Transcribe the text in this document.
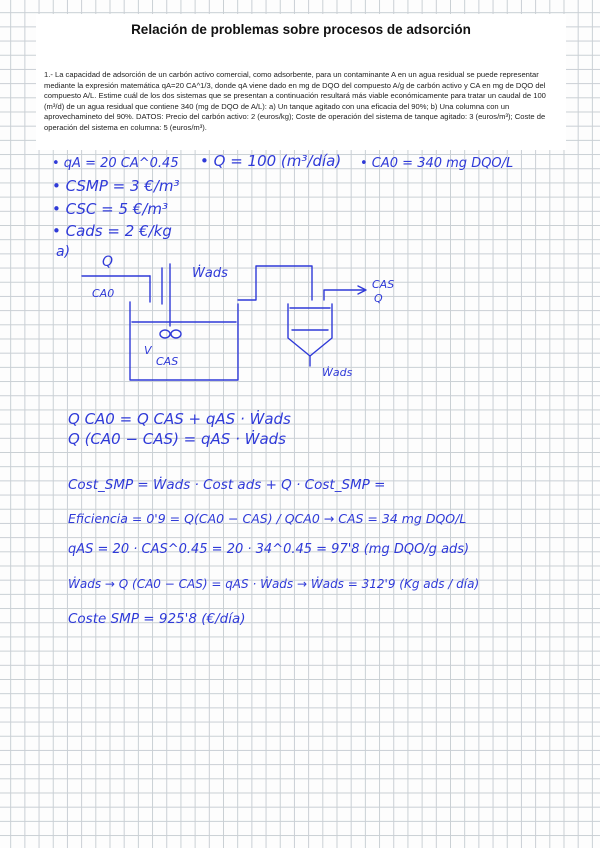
Relación de problemas sobre procesos de adsorción

1.- La capacidad de adsorción de un carbón activo comercial, como adsorbente, para un contaminante A en un agua residual se puede representar mediante la expresión matemática qA=20 CA^1/3, donde qA viene dado en mg de DQO del compuesto A/g de carbón activo y CA en mg de DQO del compuesto A/L. Estime cuál de los dos sistemas que se presentan a continuación resultará más viable económicamente para tratar un caudal de 100 (m³/d) de un agua residual que contiene 340 (mg de DQO de A/L): a) Un tanque agitado con una eficacia del 90%; b) Una columna con un aprovechamineto del 90%. DATOS: Precio del carbón activo: 2 (euros/kg); Coste de operación del sistema de tanque agitado: 3 (euros/m³); Coste de operación del sistema en columna: 5 (euros/m³).

• qA = 20 CA^0.45 • Q = 100 (m³/día) • CA0 = 340 mg DQO/L
• CSMP = 3 €/m³
• CSC = 5 €/m³
• Cads = 2 €/kg
a)
Q
CA0
Ẇads
V
CAS
CAS
Q
Ẇads
Q CA0 = Q CAS + qAS · Ẇads
Q (CA0 − CAS) = qAS · Ẇads
Cost_SMP = Ẇads · Cost ads + Q · Cost_SMP =
Eficiencia = 0'9 = Q(CA0 − CAS) / QCA0 → CAS = 34 mg DQO/L
qAS = 20 · CAS^0.45 = 20 · 34^0.45 = 97'8 (mg DQO/g ads)
Ẇads → Q (CA0 − CAS) = qAS · Ẇads → Ẇads = 312'9 (Kg ads / día)
Coste SMP = 925'8 (€/día)
